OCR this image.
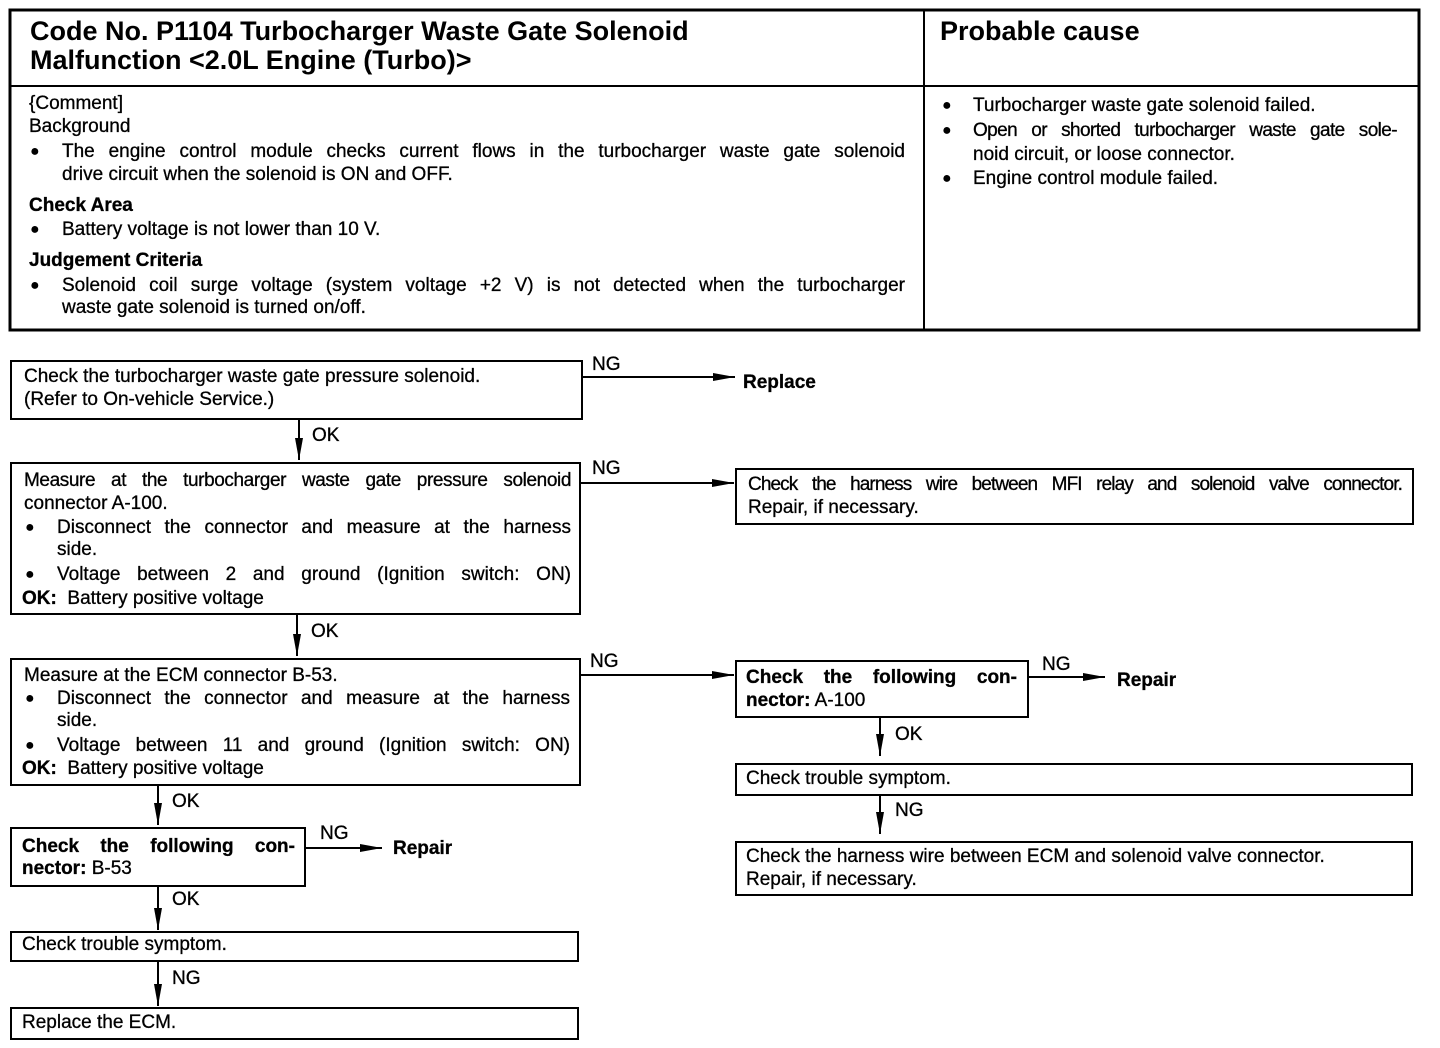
Code No. P1104 Turbocharger Waste Gate Solenoid
Malfunction <2.0L Engine (Turbo)>
Probable cause
{Comment]
Background
● The engine control module checks current flows in the turbocharger waste gate solenoid
drive circuit when the solenoid is ON and OFF.
Check Area
● Battery voltage is not lower than 10 V.
Judgement Criteria
● Solenoid coil surge voltage (system voltage +2 V) is not detected when the turbocharger
waste gate solenoid is turned on/off.
● Turbocharger waste gate solenoid failed.
● Open or shorted turbocharger waste gate sole-
noid circuit, or loose connector.
● Engine control module failed.
Check the turbocharger waste gate pressure solenoid.
(Refer to On-vehicle Service.)
NG
Replace
OK
Measure at the turbocharger waste gate pressure solenoid
connector A-100.
● Disconnect the connector and measure at the harness
side.
● Voltage between 2 and ground (Ignition switch: ON)
OK: Battery positive voltage
NG
Check the harness wire between MFI relay and solenoid valve connector.
Repair, if necessary.
OK
Measure at the ECM connector B-53.
● Disconnect the connector and measure at the harness
side.
● Voltage between 11 and ground (Ignition switch: ON)
OK: Battery positive voltage
NG
Check the following con-
nector: A-100
NG
Repair
OK
Check trouble symptom.
NG
Check the harness wire between ECM and solenoid valve connector.
Repair, if necessary.
OK
Check the following con-
nector: B-53
NG
Repair
OK
Check trouble symptom.
NG
Replace the ECM.
